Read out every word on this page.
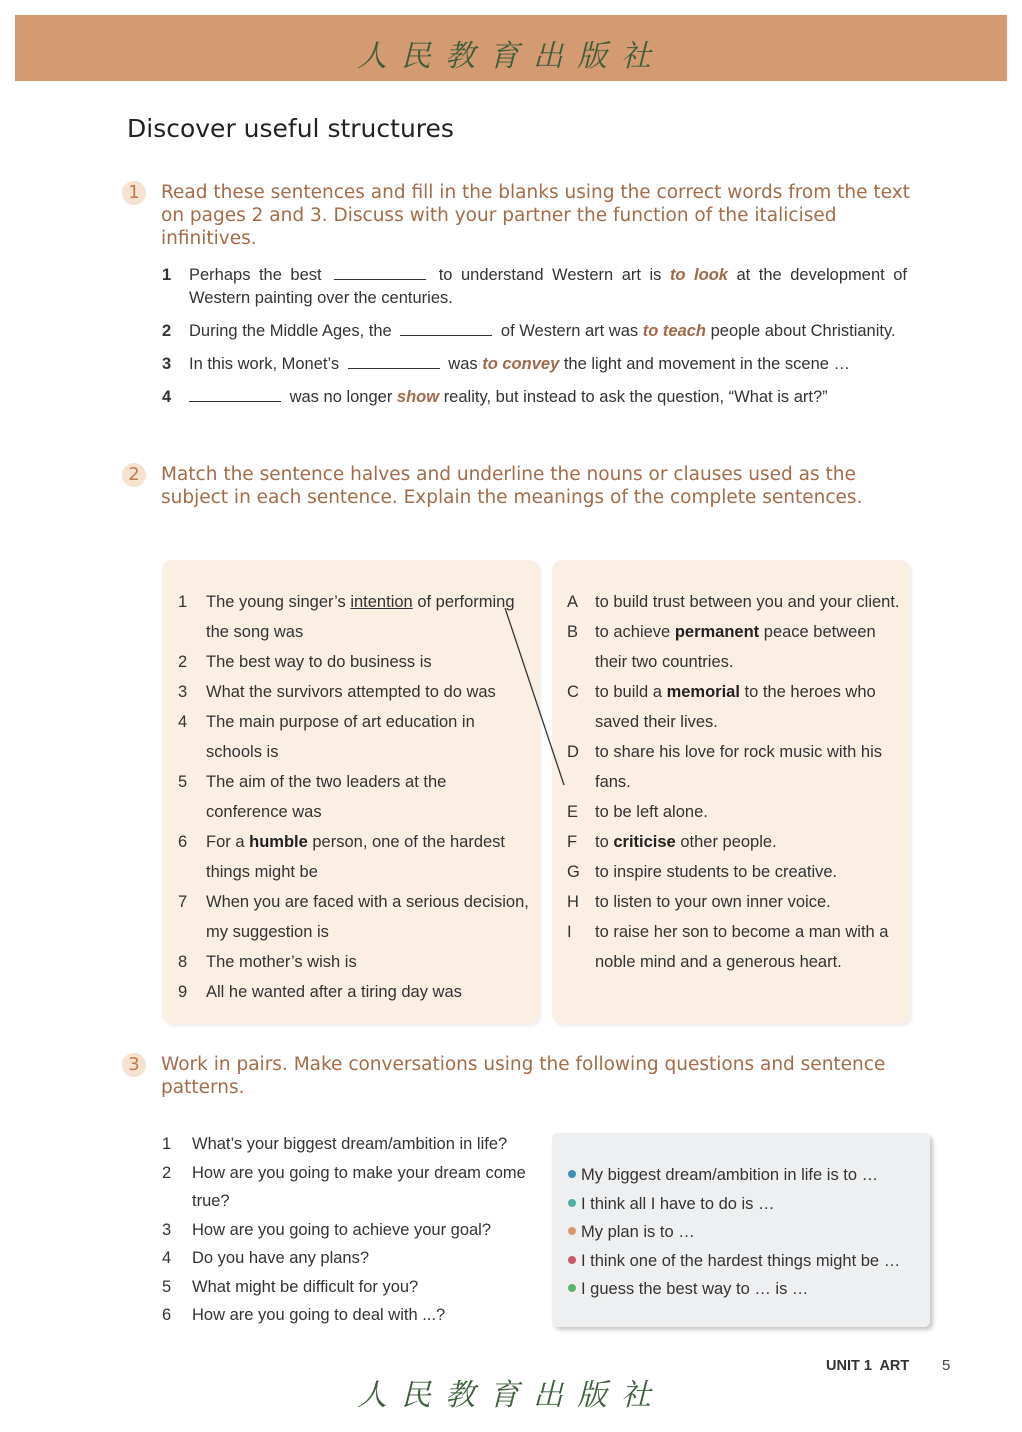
人民教育出版社
Discover useful structures
1	Read these sentences and fill in the blanks using the correct words from the text on pages 2 and 3. Discuss with your partner the function of the italicised infinitives.
1	Perhaps the best	to understand Western art is to look at the development of Western painting over the centuries.
2	During the Middle Ages, the	of Western art was to teach people about Christianity.
3	In this work, Monet’s	was to convey the light and movement in the scene …
4	was no longer show reality, but instead to ask the question, “What is art?”
2	Match the sentence halves and underline the nouns or clauses used as the subject in each sentence. Explain the meanings of the complete sentences.
1	The young singer’s intention of performing the song was
2	The best way to do business is
3	What the survivors attempted to do was
4	The main purpose of art education in schools is
5	The aim of the two leaders at the conference was
6	For a humble person, one of the hardest things might be
7	When you are faced with a serious decision, my suggestion is
8	The mother’s wish is
9	All he wanted after a tiring day was
A	to build trust between you and your client.
B	to achieve permanent peace between their two countries.
C to build a memorial to the heroes who saved their lives.
D to share his love for rock music with his fans.
E	to be left alone.
F	to criticise other people.
G to inspire students to be creative.
H to listen to your own inner voice.
I	to raise her son to become a man with a noble mind and a generous heart.
3	Work in pairs. Make conversations using the following questions and sentence patterns.
1	What’s your biggest dream/ambition in life?
2	How are you going to make your dream come true?
3	How are you going to achieve your goal?
4	Do you have any plans?
5	What might be difficult for you?
6	How are you going to deal with ...?
My biggest dream/ambition in life is to …
I think all I have to do is …
My plan is to …
I think one of the hardest things might be …
I guess the best way to … is …
UNIT 1  ART 5
人民教育出版社
